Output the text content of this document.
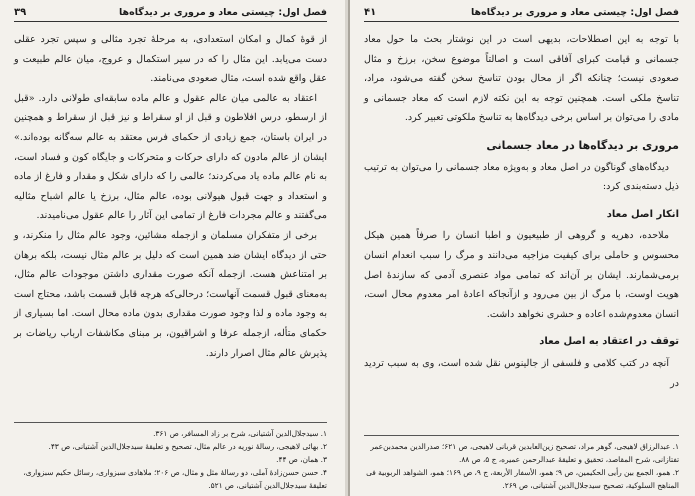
فصل اول: چیستی معاد و مروری بر دیدگاه‌ها
۳۹

از قوهٔ کمال و امکان استعدادی، به مرحلهٔ تجرد مثالی و سپس تجرد عقلی دست می‌یابد. این مثال را که در سیر استکمال و عروج، میان عالم طبیعت و عقل واقع شده است، مثال صعودی می‌نامند.

اعتقاد به عالمی میان عالم عقول و عالم ماده سابقه‌ای طولانی دارد. «قبل از ارسطو، درس افلاطون و قبل از او سقراط و نیز قبل از سقراط و همچنین در ایران باستان، جمع زیادی از حکمای فرس معتقد به عالم سه‌گانه بوده‌اند.» ایشان از عالم مادون که دارای حرکات و متحرکات و جایگاه کون و فساد است، به نام عالم ماده یاد می‌کردند؛ عالمی را که دارای شکل و مقدار و فارغ از ماده و استعداد و جهت قبول هیولانی بوده، عالم مثال، برزخ یا عالم اشباح مثالیه می‌گفتند و عالم مجردات فارغ از تمامی این آثار را عالم عقول می‌نامیدند.

برخی از متفکران مسلمان و ازجمله مشائین، وجود عالم مثال را منکرند، و حتی از دیدگاه ایشان ضد همین است که دلیل بر عالم مثال نیست، بلکه برهان بر امتناعش هست. ازجمله آنکه صورت مقداری داشتن موجودات عالم مثال، به‌معنای قبول قسمت آنهاست؛ درحالی‌که هرچه قابل قسمت باشد، محتاج است به وجود ماده و لذا وجود صورت مقداری بدون ماده محال است. اما بسیاری از حکمای متأله، ازجمله عرفا و اشراقیون، بر مبنای مکاشفات ارباب ریاضات بر پذیرش عالم مثال اصرار دارند.

۱. سیدجلال‌الدین آشتیانی، شرح بر زاد المسافر، ص ۳۶۱.
۲. بهائی لاهیجی، رسالهٔ نوریه در عالم مثال، تصحیح و تعلیقهٔ سیدجلال‌الدین آشتیانی، ص ۴۳.
۳. همان، ص ۴۴.
۴. حسن حسن‌زادهٔ آملی، دو رسالهٔ مثل و مثال، ص ۲۰۶؛ ملاهادی سبزواری، رسائل حکیم سبزواری، تعلیقهٔ سیدجلال‌الدین آشتیانی، ص ۵۲۱.
فصل اول: چیستی معاد و مروری بر دیدگاه‌ها
۴۱

با توجه به این اصطلاحات، بدیهی است در این نوشتار بحث ما حول معاد جسمانی و قیامت کبرای آفاقی است و اصالتاً موضوع سخن، برزخ و مثال صعودی نیست؛ چنانکه اگر از محال بودن تناسخ سخن گفته می‌شود، مراد، تناسخ ملکی است. همچنین توجه به این نکته لازم است که معاد جسمانی و مادی را می‌توان بر اساس برخی دیدگاه‌ها به تناسخ ملکوتی تعبیر کرد.

مروری بر دیدگاه‌ها در معاد جسمانی

دیدگاه‌های گوناگون در اصل معاد و به‌ویژه معاد جسمانی را می‌توان به ترتیب ذیل دسته‌بندی کرد:

انکار اصل معاد

ملاحده، دهریه و گروهی از طبیعیون و اطبا انسان را صرفاً همین هیکل محسوس و حاملی برای کیفیت مزاجیه می‌دانند و مرگ را سبب انعدام انسان برمی‌شمارند. ایشان بر آن‌اند که تمامی مواد عنصری آدمی که سازندهٔ اصل هویت اوست، با مرگ از بین می‌رود و ازآنجاکه اعادهٔ امر معدوم محال است، انسان معدوم‌شده اعاده و حشری نخواهد داشت.

توقف در اعتقاد به اصل معاد

آنچه در کتب کلامی و فلسفی از جالینوس نقل شده است، وی به سبب تردید در

۱. عبدالرزاق لاهیجی، گوهر مراد، تصحیح زین‌العابدین قربانی لاهیجی، ص ۶۲۱؛ صدرالدین محمدبن‌عمر تفتازانی، شرح المقاصد، تحقیق و تعلیقهٔ عبدالرحمن عمیره، ج ۵، ص ۸۸.
۲. همو، الجمع بین رأیی الحکیمین، ص ۹؛ همو، الأسفار الأربعة، ج ۹، ص ۱۶۹؛ همو، الشواهد الربوبیة فی المناهج السلوکیة، تصحیح سیدجلال‌الدین آشتیانی، ص ۲۶۹.
